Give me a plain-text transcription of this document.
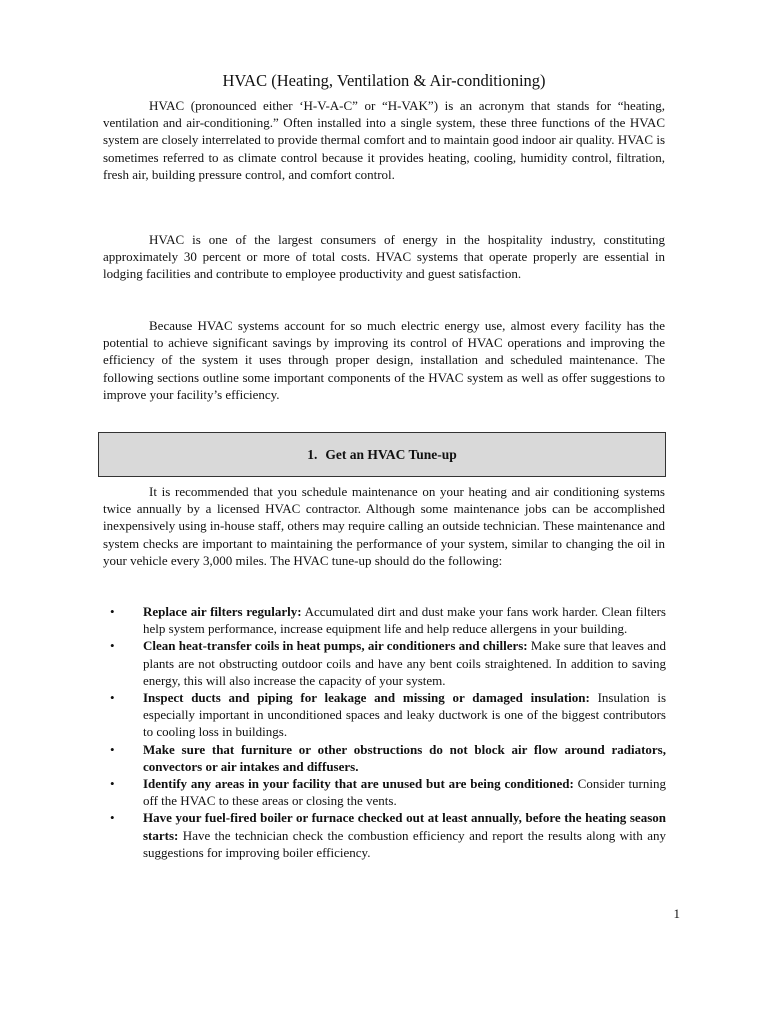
HVAC (Heating, Ventilation & Air-conditioning)

HVAC (pronounced either ‘H-V-A-C” or “H-VAK”) is an acronym that stands for “heating, ventilation and air-conditioning.” Often installed into a single system, these three functions of the HVAC system are closely interrelated to provide thermal comfort and to maintain good indoor air quality. HVAC is sometimes referred to as climate control because it provides heating, cooling, humidity control, filtration, fresh air, building pressure control, and comfort control.

HVAC is one of the largest consumers of energy in the hospitality industry, constituting approximately 30 percent or more of total costs. HVAC systems that operate properly are essential in lodging facilities and contribute to employee productivity and guest satisfaction.

Because HVAC systems account for so much electric energy use, almost every facility has the potential to achieve significant savings by improving its control of HVAC operations and improving the efficiency of the system it uses through proper design, installation and scheduled maintenance. The following sections outline some important components of the HVAC system as well as offer suggestions to improve your facility’s efficiency.

1. Get an HVAC Tune-up

It is recommended that you schedule maintenance on your heating and air conditioning systems twice annually by a licensed HVAC contractor. Although some maintenance jobs can be accomplished inexpensively using in-house staff, others may require calling an outside technician. These maintenance and system checks are important to maintaining the performance of your system, similar to changing the oil in your vehicle every 3,000 miles. The HVAC tune-up should do the following:

• Replace air filters regularly: Accumulated dirt and dust make your fans work harder. Clean filters help system performance, increase equipment life and help reduce allergens in your building.
• Clean heat-transfer coils in heat pumps, air conditioners and chillers: Make sure that leaves and plants are not obstructing outdoor coils and have any bent coils straightened. In addition to saving energy, this will also increase the capacity of your system.
• Inspect ducts and piping for leakage and missing or damaged insulation: Insulation is especially important in unconditioned spaces and leaky ductwork is one of the biggest contributors to cooling loss in buildings.
• Make sure that furniture or other obstructions do not block air flow around radiators, convectors or air intakes and diffusers.
• Identify any areas in your facility that are unused but are being conditioned: Consider turning off the HVAC to these areas or closing the vents.
• Have your fuel-fired boiler or furnace checked out at least annually, before the heating season starts: Have the technician check the combustion efficiency and report the results along with any suggestions for improving boiler efficiency.
1
